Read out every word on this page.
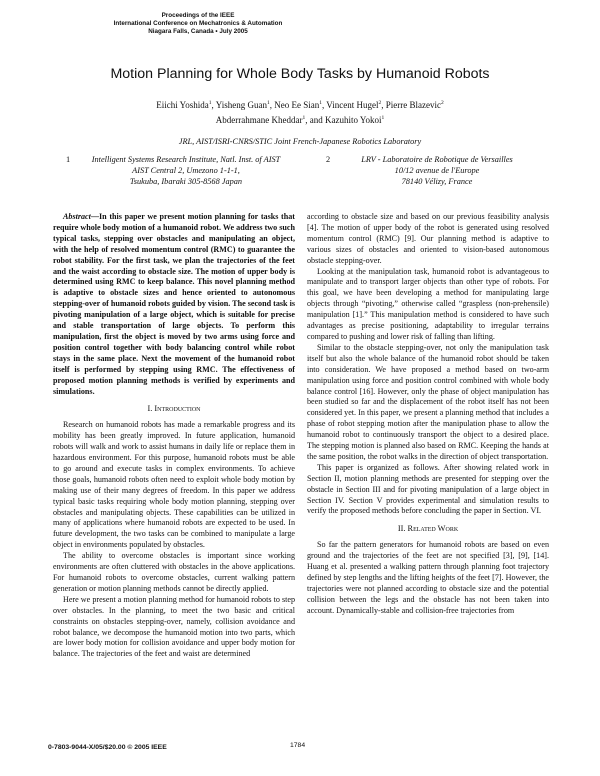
Proceedings of the IEEE
International Conference on Mechatronics & Automation
Niagara Falls, Canada • July 2005
Motion Planning for Whole Body Tasks by Humanoid Robots
Eiichi Yoshida$^1$, Yisheng Guan$^1$, Neo Ee Sian$^1$, Vincent Hugel$^2$, Pierre Blazevic$^2$
Abderrahmane Kheddar$^1$, and Kazuhito Yokoi$^1$
JRL, AIST/ISRI-CNRS/STIC Joint French-Japanese Robotics Laboratory
1	Intelligent Systems Research Institute, Natl. Inst. of AIST
AIST Central 2, Umezono 1-1-1,
Tsukuba, Ibaraki 305-8568 Japan
2	LRV - Laboratoire de Robotique de Versailles
10/12 avenue de l'Europe
78140 Vélizy, France
Abstract—In this paper we present motion planning for tasks that require whole body motion of a humanoid robot. We address two such typical tasks, stepping over obstacles and manipulating an object, with the help of resolved momentum control (RMC) to guarantee the robot stability. For the first task, we plan the trajectories of the feet and the waist according to obstacle size. The motion of upper body is determined using RMC to keep balance. This novel planning method is adaptive to obstacle sizes and hence oriented to autonomous stepping-over of humanoid robots guided by vision. The second task is pivoting manipulation of a large object, which is suitable for precise and stable transportation of large objects. To perform this manipulation, first the object is moved by two arms using force and position control together with body balancing control while robot stays in the same place. Next the movement of the humanoid robot itself is performed by stepping using RMC. The effectiveness of proposed motion planning methods is verified by experiments and simulations.
I. Introduction

Research on humanoid robots has made a remarkable progress and its mobility has been greatly improved. In future application, humanoid robots will walk and work to assist humans in daily life or replace them in hazardous environment. For this purpose, humanoid robots must be able to go around and execute tasks in complex environments. To achieve those goals, humanoid robots often need to exploit whole body motion by making use of their many degrees of freedom. In this paper we address typical basic tasks requiring whole body motion planning, stepping over obstacles and manipulating objects. These capabilities can be utilized in many of applications where humanoid robots are expected to be used. In future development, the two tasks can be combined to manipulate a large object in environments populated by obstacles.

The ability to overcome obstacles is important since working environments are often cluttered with obstacles in the above applications. For humanoid robots to overcome obstacles, current walking pattern generation or motion planning methods cannot be directly applied.

Here we present a motion planning method for humanoid robots to step over obstacles. In the planning, to meet the two basic and critical constraints on obstacles stepping-over, namely, collision avoidance and robot balance, we decompose the humanoid motion into two parts, which are lower body motion for collision avoidance and upper body motion for balance. The trajectories of the feet and waist are determined

according to obstacle size and based on our previous feasibility analysis [4]. The motion of upper body of the robot is generated using resolved momentum control (RMC) [9]. Our planning method is adaptive to various sizes of obstacles and oriented to vision-based autonomous obstacle stepping-over.

Looking at the manipulation task, humanoid robot is advantageous to manipulate and to transport larger objects than other type of robots. For this goal, we have been developing a method for manipulating large objects through “pivoting,” otherwise called “graspless (non-prehensile) manipulation [1].” This manipulation method is considered to have such advantages as precise positioning, adaptability to irregular terrains compared to pushing and lower risk of falling than lifting.

Similar to the obstacle stepping-over, not only the manipulation task itself but also the whole balance of the humanoid robot should be taken into consideration. We have proposed a method based on two-arm manipulation using force and position control combined with whole body balance control [16]. However, only the phase of object manipulation has been studied so far and the displacement of the robot itself has not been considered yet. In this paper, we present a planning method that includes a phase of robot stepping motion after the manipulation phase to allow the humanoid robot to continuously transport the object to a desired place. The stepping motion is planned also based on RMC. Keeping the hands at the same position, the robot walks in the direction of object transportation.

This paper is organized as follows. After showing related work in Section II, motion planning methods are presented for stepping over the obstacle in Section III and for pivoting manipulation of a large object in Section IV. Section V provides experimental and simulation results to verify the proposed methods before concluding the paper in Section. VI.

II. Related Work

So far the pattern generators for humanoid robots are based on even ground and the trajectories of the feet are not specified [3], [9], [14]. Huang et al. presented a walking pattern through planning foot trajectory defined by step lengths and the lifting heights of the feet [7]. However, the trajectories were not planned according to obstacle size and the potential collision between the legs and the obstacle has not been taken into account. Dynamically-stable and collision-free trajectories from

0-7803-9044-X/05/$20.00 © 2005 IEEE	1784
